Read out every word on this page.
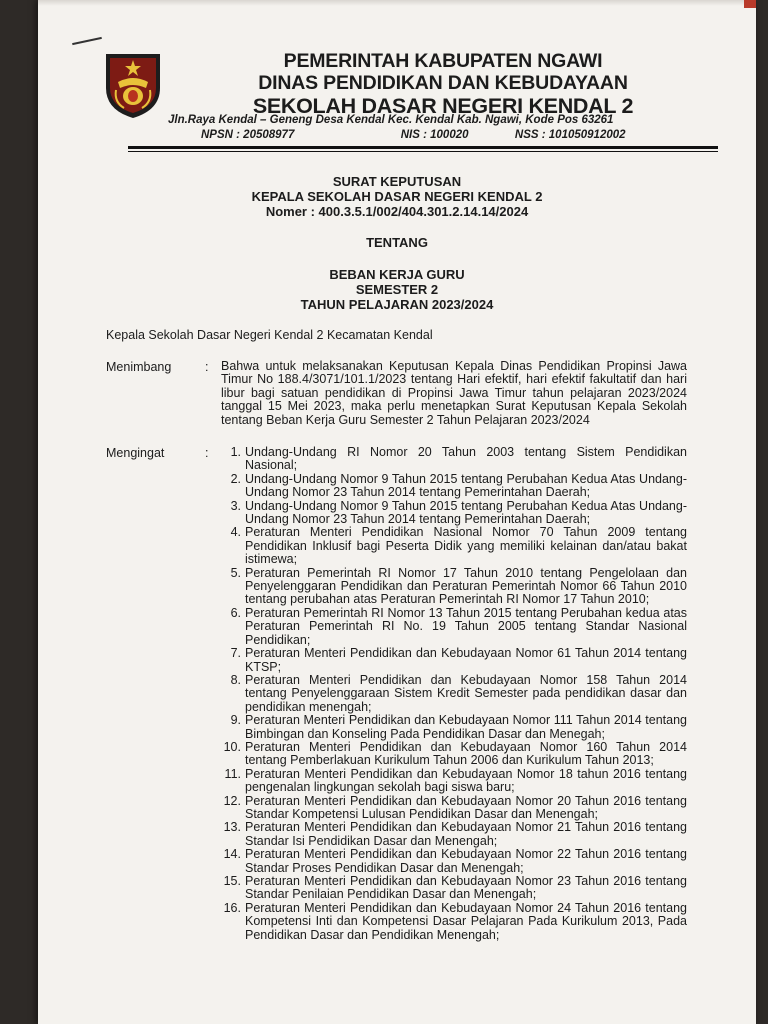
PEMERINTAH KABUPATEN NGAWI
DINAS PENDIDIKAN DAN KEBUDAYAAN
SEKOLAH DASAR NEGERI KENDAL 2
Jln.Raya Kendal – Geneng Desa Kendal Kec. Kendal Kab. Ngawi, Kode Pos 63261
NPSN : 20508977	NIS : 100020	NSS : 101050912002
SURAT KEPUTUSAN
KEPALA SEKOLAH DASAR NEGERI KENDAL 2
Nomer : 400.3.5.1/002/404.301.2.14.14/2024
TENTANG
BEBAN KERJA GURU
SEMESTER 2
TAHUN PELAJARAN 2023/2024
Kepala Sekolah Dasar Negeri Kendal 2 Kecamatan Kendal
Menimbang	: Bahwa untuk melaksanakan Keputusan Kepala Dinas Pendidikan Propinsi Jawa Timur No 188.4/3071/101.1/2023 tentang Hari efektif, hari efektif fakultatif dan hari libur bagi satuan pendidikan di Propinsi Jawa Timur tahun pelajaran 2023/2024 tanggal 15 Mei 2023, maka perlu menetapkan Surat Keputusan Kepala Sekolah tentang Beban Kerja Guru Semester 2 Tahun Pelajaran 2023/2024
Mengingat	:	1. Undang-Undang RI Nomor 20 Tahun 2003 tentang Sistem Pendidikan Nasional;
2. Undang-Undang Nomor 9 Tahun 2015 tentang Perubahan Kedua Atas Undang-Undang Nomor 23 Tahun 2014 tentang Pemerintahan Daerah;
3. Undang-Undang Nomor 9 Tahun 2015 tentang Perubahan Kedua Atas Undang-Undang Nomor 23 Tahun 2014 tentang Pemerintahan Daerah;
4. Peraturan Menteri Pendidikan Nasional Nomor 70 Tahun 2009 tentang Pendidikan Inklusif bagi Peserta Didik yang memiliki kelainan dan/atau bakat istimewa;
5. Peraturan Pemerintah RI Nomor 17 Tahun 2010 tentang Pengelolaan dan Penyelenggaran Pendidikan dan Peraturan Pemerintah Nomor 66 Tahun 2010 tentang perubahan atas Peraturan Pemerintah RI Nomor 17 Tahun 2010;
6. Peraturan Pemerintah RI Nomor 13 Tahun 2015 tentang Perubahan kedua atas Peraturan Pemerintah RI No. 19 Tahun 2005 tentang Standar Nasional Pendidikan;
7. Peraturan Menteri Pendidikan dan Kebudayaan Nomor 61 Tahun 2014 tentang KTSP;
8. Peraturan Menteri Pendidikan dan Kebudayaan Nomor 158 Tahun 2014 tentang Penyelenggaraan Sistem Kredit Semester pada pendidikan dasar dan pendidikan menengah;
9. Peraturan Menteri Pendidikan dan Kebudayaan Nomor 111 Tahun 2014 tentang Bimbingan dan Konseling Pada Pendidikan Dasar dan Menegah;
10. Peraturan Menteri Pendidikan dan Kebudayaan Nomor 160 Tahun 2014 tentang Pemberlakuan Kurikulum Tahun 2006 dan Kurikulum Tahun 2013;
11. Peraturan Menteri Pendidikan dan Kebudayaan Nomor 18 tahun 2016 tentang pengenalan lingkungan sekolah bagi siswa baru;
12. Peraturan Menteri Pendidikan dan Kebudayaan Nomor 20 Tahun 2016 tentang Standar Kompetensi Lulusan Pendidikan Dasar dan Menengah;
13. Peraturan Menteri Pendidikan dan Kebudayaan Nomor 21 Tahun 2016 tentang Standar Isi Pendidikan Dasar dan Menengah;
14. Peraturan Menteri Pendidikan dan Kebudayaan Nomor 22 Tahun 2016 tentang Standar Proses Pendidikan Dasar dan Menengah;
15. Peraturan Menteri Pendidikan dan Kebudayaan Nomor 23 Tahun 2016 tentang Standar Penilaian Pendidikan Dasar dan Menengah;
16. Peraturan Menteri Pendidikan dan Kebudayaan Nomor 24 Tahun 2016 tentang Kompetensi Inti dan Kompetensi Dasar Pelajaran Pada Kurikulum 2013, Pada Pendidikan Dasar dan Pendidikan Menengah;
